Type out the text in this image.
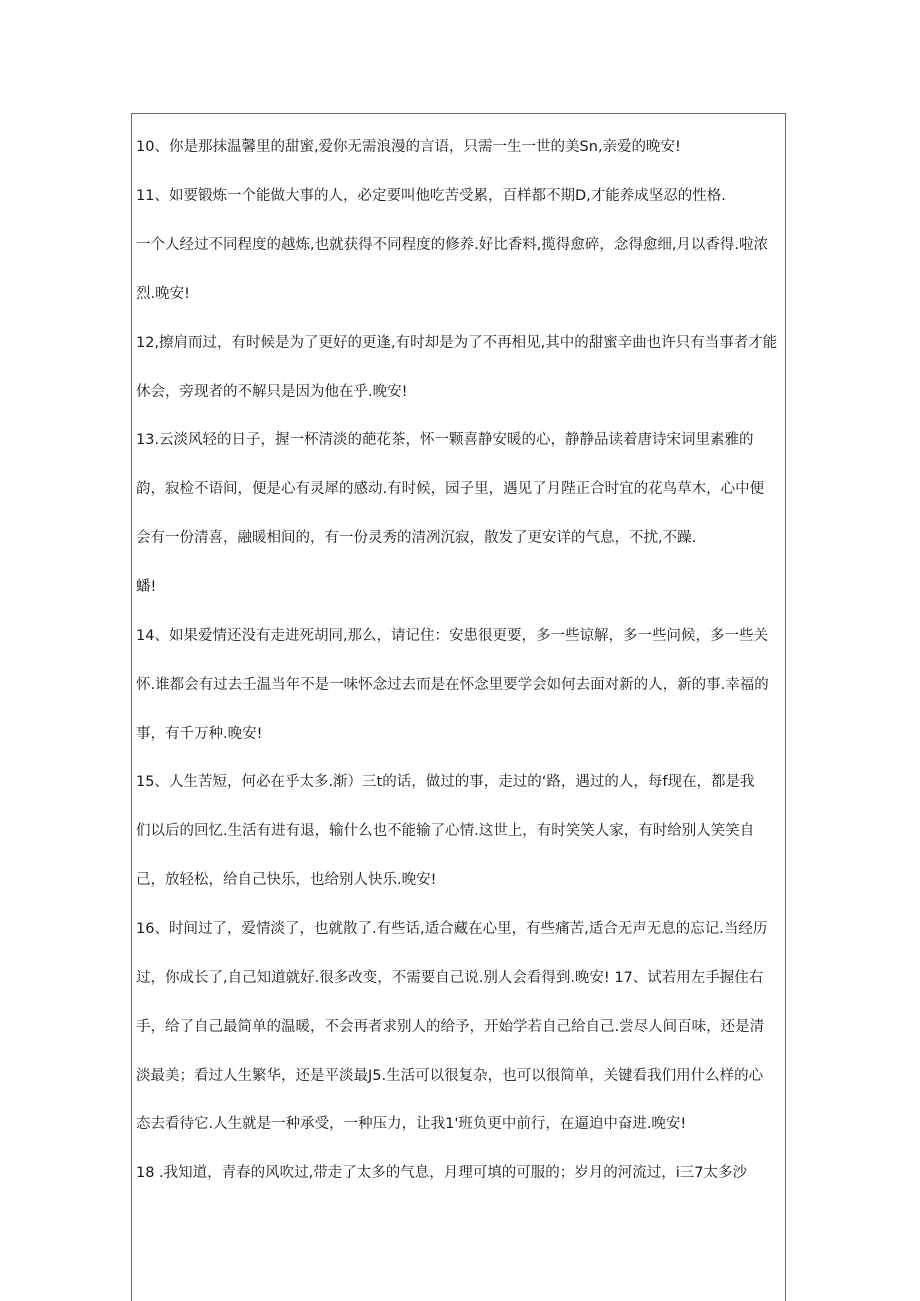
10、你是那抹温馨里的甜蜜,爱你无需浪漫的言语，只需一生一世的美Sn,亲爱的晚安!
11、如要锻炼一个能做大事的人，必定要叫他吃苦受累，百样都不期D,才能养成坚忍的性格.
一个人经过不同程度的越炼,也就获得不同程度的修养.好比香料,揽得愈碎，念得愈细,月以香得.啦浓
烈.晚安!
12,擦肩而过，有时候是为了更好的更逢,有时却是为了不再相见,其中的甜蜜辛曲也许只有当事者才能
休会，旁现者的不解只是因为他在乎.晚安!
13.云淡风轻的日子，握一杯清淡的葩花茶，怀一颗喜静安暖的心，静静品读着唐诗宋词里素雅的
韵，寂检不语间，便是心有灵犀的感动.有时候，园子里，遇见了月陛正合时宜的花鸟草木，心中便
会有一份清喜，融暖相间的，有一份灵秀的清冽沉寂，散发了更安详的气息，不扰,不躁.
蟠!
14、如果爱情还没有走进死胡同,那么，请记住：安患很更要，多一些谅解，多一些问候，多一些关
怀.谁都会有过去壬温当年不是一味怀念过去而是在怀念里要学会如何去面对新的人，新的事.幸福的
事，有千万种.晚安!
15、人生苦短，何必在乎太多.渐）三t的话，做过的事，走过的‘路，遇过的人，每f现在，都是我
们以后的回忆.生活有进有退，输什么也不能输了心情.这世上，有时笑笑人家，有时给别人笑笑自
己，放轻松，给自己快乐，也给别人快乐.晚安!
16、时间过了，爱情淡了，也就散了.有些话,适合藏在心里，有些痛苦,适合无声无息的忘记.当经历
过，你成长了,自己知道就好.很多改变，不需要自己说.别人会看得到.晚安! 17、试若用左手握住右
手，给了自己最简单的温暖，不会再者求别人的给予，开始学若自己给自己.尝尽人间百味，还是清
淡最美；看过人生繁华，还是平淡最J5.生活可以很复杂，也可以很简单，关键看我们用什么样的心
态去看待它.人生就是一种承受，一种压力，让我1'班负更中前行，在逼迫中奋进.晚安!
18 .我知道，青春的风吹过,带走了太多的气息，月理可填的可服的；岁月的河流过，i三7太多沙
